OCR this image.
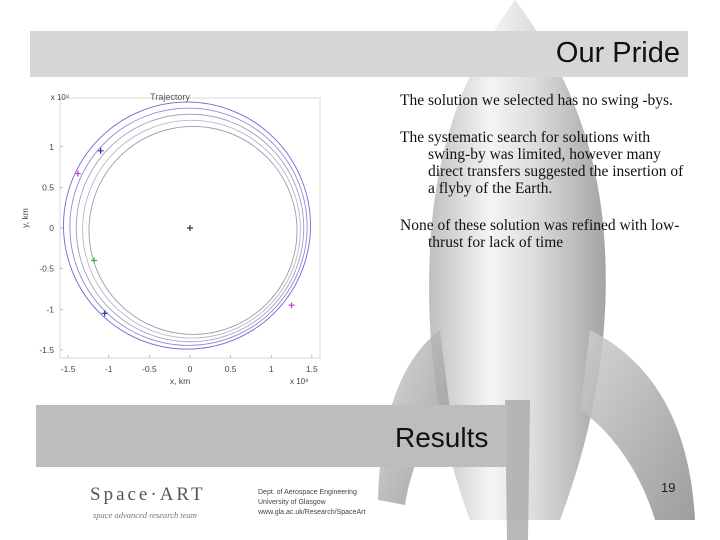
Our Pride

The solution we selected has no swing -bys.

The systematic search for solutions with swing-by was limited, however many direct transfers suggested the insertion of a flyby of the Earth.

None of these solution was refined with low-thrust for lack of time

Trajectory
-1.5	-1	-0.5	0	0.5	1	1.5
1
0.5
0
-0.5
-1
-1.5
x, km
y, km
x 10⁸
x 10⁸
Results
Space·ART
space advanced research team
Dept. of Aerospace Engineering
University of Glasgow
www.gla.ac.uk/Research/SpaceArt
19
